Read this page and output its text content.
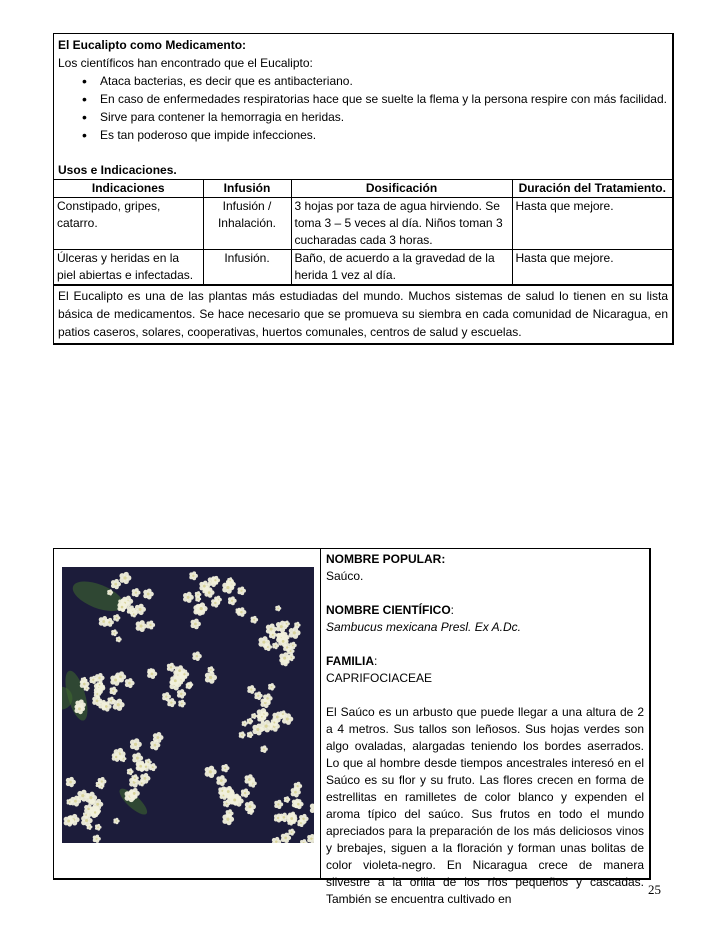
El Eucalipto como Medicamento:
Los científicos han encontrado que el Eucalipto:
• Ataca bacterias, es decir que es antibacteriano.
• En caso de enfermedades respiratorias hace que se suelte la flema y la persona respire con más facilidad.
• Sirve para contener la hemorragia en heridas.
• Es tan poderoso que impide infecciones.
Usos e Indicaciones.
Indicaciones	Infusión	Dosificación	Duración del Tratamiento.
Constipado, gripes, catarro.	Infusión / Inhalación.	3 hojas por taza de agua hirviendo. Se toma 3 – 5 veces al día. Niños toman 3 cucharadas cada 3 horas.	Hasta que mejore.
Úlceras y heridas en la piel abiertas e infectadas.	Infusión.	Baño, de acuerdo a la gravedad de la herida 1 vez al día.	Hasta que mejore.
El Eucalipto es una de las plantas más estudiadas del mundo. Muchos sistemas de salud lo tienen en su lista básica de medicamentos. Se hace necesario que se promueva su siembra en cada comunidad de Nicaragua, en patios caseros, solares, cooperativas, huertos comunales, centros de salud y escuelas.

NOMBRE POPULAR:

Saúco.

NOMBRE CIENTÍFICO:

Sambucus mexicana Presl. Ex A.Dc.

FAMILIA:

CAPRIFOCIACEAE

El Saúco es un arbusto que puede llegar a una altura de 2 a 4 metros. Sus tallos son leñosos. Sus hojas verdes son algo ovaladas, alargadas teniendo los bordes aserrados. Lo que al hombre desde tiempos ancestrales interesó en el Saúco es su flor y su fruto. Las flores crecen en forma de estrellitas en ramilletes de color blanco y expenden el aroma típico del saúco. Sus frutos en todo el mundo apreciados para la preparación de los más deliciosos vinos y brebajes, siguen a la floración y forman unas bolitas de color violeta-negro. En Nicaragua crece de manera silvestre a la orilla de los ríos pequeños y cascadas. También se encuentra cultivado en

25
